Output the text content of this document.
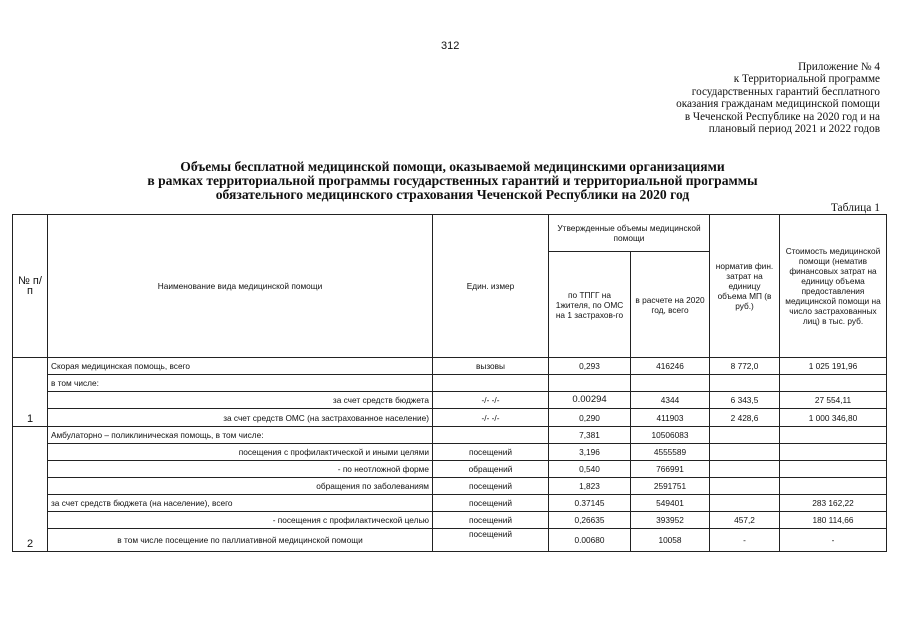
312
Приложение № 4
к Территориальной программе
государственных гарантий бесплатного
оказания гражданам медицинской помощи
в Чеченской Республике на 2020 год и на
плановый период 2021 и 2022 годов
Объемы бесплатной медицинской помощи, оказываемой медицинскими организациями
в рамках территориальной программы государственных гарантий и территориальной программы
обязательного медицинского страхования Чеченской Республики на 2020 год
Таблица 1
№ п/п	Наименование вида медицинской помощи	Един. измер	Утвержденные объемы медицинской помощи		норматив фин. затрат на единицу объема МП (в руб.)	Стоимость медицинской помощи (нематив финансовых затрат на единицу объема предоставления медицинской помощи на число застрахованных лиц) в тыс. руб.
			по ТПГГ на 1жителя, по ОМС на 1 застрахов-го	в расчете на 2020 год, всего		
1	Скорая медицинская помощь, всего	вызовы	0,293	416246	8 772,0	1 025 191,96
	в том числе:					
	за счет средств бюджета	-/- -/-	0.00294	4344	6 343,5	27 554,11
	за счет средств ОМС (на застрахованное население)	-/- -/-	0,290	411903	2 428,6	1 000 346,80
2	Амбулаторно – поликлиническая помощь, в том числе:		7,381	10506083		
	посещения с профилактической и иными целями	посещений	3,196	4555589		
	- по неотложной форме	обращений	0,540	766991		
	обращения по заболеваниям	посещений	1,823	2591751		
	за счет средств бюджета (на население), всего	посещений	0.37145	549401		283 162,22
	- посещения с профилактической целью	посещений	0,26635	393952	457,2	180 114,66
	в том числе посещение по паллиативной медицинской помощи	посещений	0.00680	10058	-	-
